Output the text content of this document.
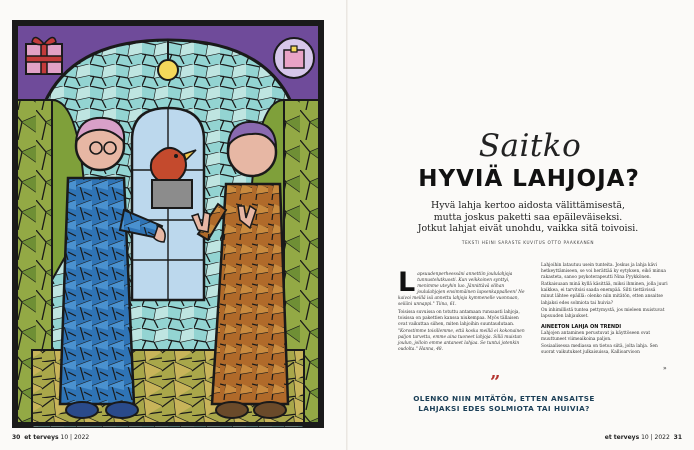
30 et terveys 10 | 2022	et terveys 10 | 2022 31
Saitko
HYVIÄ LAHJOJA?
Hyvä lahja kertoo aidosta välittämisestä,
mutta joskus paketti saa epäileväiseksi.
Jotkut lahjat eivät unohdu, vaikka sitä toivoisi.
TEKSTI HEINI SARASTE KUVITUS OTTO PAAKKANEN
L apsuudenperheessäni annettiin joululahjoja tunnustelutkuosti. Kun veikkoinen synttyi, menimme uteyhin luo. Jännittävä olihan joululahjojen ensimmäinen lapsenkappalleen! Ne kaivoi meillä isä annettu lahjoja kymmenelle vuonnaan, seiläni unnappi." Tiina, 61.

Toisissa suvuissa on totuttu antamaan runsaasti lahjoja, toisissa on pakettien kanssa niukempaa. Myös tällaisen ovat vaikuttaa siihen, miten lahjoihin suuntaudutaan.

"Korostimme toisillemme, että koska meillä ei kokonainen paljon tarvetta, emme aina tuoneet lahjoja. Sillä muistan joulun, jolloin emme antaneet lahjaa. Se tuntui jotenkin oudolta." Hanna, 48.

Lahjoihin latautuu usein tunteita. Joskus ja lahja kävi hetkeyttämiseen, se voi herättää ky eytyksen, eikö minua rakasteta, sanoo psykoterapeutti Nina Pyykkönen.

Ratkaisuaan minä kyllä käsittää, miksi ihminen, jolla juuri kaikkea, ei tarvitsisi saada enempää. Silti tiettävissä minut lähtee epäillä: olenko niin mitätön, etten ansaitse lahjaksi edes solmiota tai huivia?

On inhimillistä tuntea pettymystä, jos mieleen muistuvat lapsuuden lahjaukset.

AINEETON LAHJA ON TRENDI

Lahjojen antaminen perustuvat ja käyttöseen ovat muuttuneet viimeaikoina paljon.

Sosiaalisessa mediassa on tietoa siitä, jolta lahja. Sen suorat vaikutukset julkaisuissa, Kallioarvioon

»
”
OLENKO NIIN MITÄTÖN, ETTEN ANSAITSE
LAHJAKSI EDES SOLMIOTA TAI HUIVIA?
